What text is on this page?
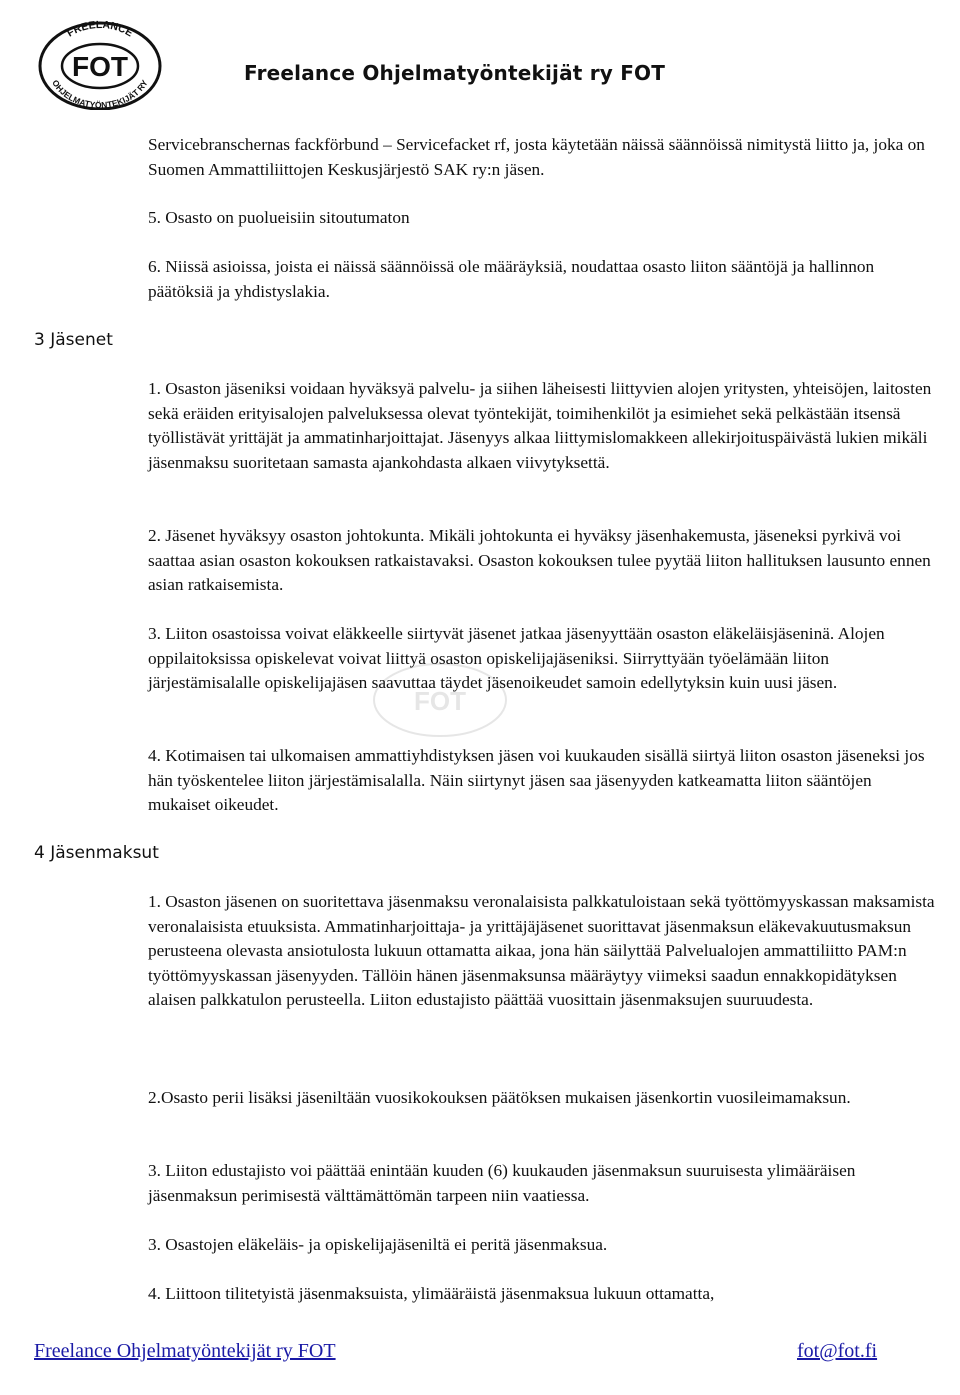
FREELANCE
OHJELMATYÖNTEKIJÄT RY
FOT	Freelance Ohjelmatyöntekijät ry FOT
FOT

Servicebranschernas fackförbund – Servicefacket rf, josta käytetään näissä säännöissä nimitystä liitto ja, joka on Suomen Ammattiliittojen Keskusjärjestö SAK ry:n jäsen.

5. Osasto on puolueisiin sitoutumaton

6. Niissä asioissa, joista ei näissä säännöissä ole määräyksiä, noudattaa osasto liiton sääntöjä ja hallinnon päätöksiä ja yhdistyslakia.

3 Jäsenet

1. Osaston jäseniksi voidaan hyväksyä palvelu- ja siihen läheisesti liittyvien alojen yritysten, yhteisöjen, laitosten sekä eräiden erityisalojen palveluksessa olevat työntekijät, toimihenkilöt ja esimiehet sekä pelkästään itsensä työllistävät yrittäjät ja ammatinharjoittajat. Jäsenyys alkaa liittymislomakkeen allekirjoituspäivästä lukien mikäli jäsenmaksu suoritetaan samasta ajankohdasta alkaen viivytyksettä.

2. Jäsenet hyväksyy osaston johtokunta. Mikäli johtokunta ei hyväksy jäsenhakemusta, jäseneksi pyrkivä voi saattaa asian osaston kokouksen ratkaistavaksi. Osaston kokouksen tulee pyytää liiton hallituksen lausunto ennen asian ratkaisemista.

3. Liiton osastoissa voivat eläkkeelle siirtyvät jäsenet jatkaa jäsenyyttään osaston eläkeläisjäseninä. Alojen oppilaitoksissa opiskelevat voivat liittyä osaston opiskelijajäseniksi. Siirryttyään työelämään liiton järjestämisalalle opiskelijajäsen saavuttaa täydet jäsenoikeudet samoin edellytyksin kuin uusi jäsen.

4. Kotimaisen tai ulkomaisen ammattiyhdistyksen jäsen voi kuukauden sisällä siirtyä liiton osaston jäseneksi jos hän työskentelee liiton järjestämisalalla. Näin siirtynyt jäsen saa jäsenyyden katkeamatta liiton sääntöjen mukaiset oikeudet.

4 Jäsenmaksut

1. Osaston jäsenen on suoritettava jäsenmaksu veronalaisista palkkatuloistaan sekä työttömyyskassan maksamista veronalaisista etuuksista. Ammatinharjoittaja- ja yrittäjäjäsenet suorittavat jäsenmaksun eläkevakuutusmaksun perusteena olevasta ansiotulosta lukuun ottamatta aikaa, jona hän säilyttää Palvelualojen ammattiliitto PAM:n työttömyyskassan jäsenyyden. Tällöin hänen jäsenmaksunsa määräytyy viimeksi saadun ennakkopidätyksen alaisen palkkatulon perusteella. Liiton edustajisto päättää vuosittain jäsenmaksujen suuruudesta.

2.Osasto perii lisäksi jäseniltään vuosikokouksen päätöksen mukaisen jäsenkortin vuosileimamaksun.

3. Liiton edustajisto voi päättää enintään kuuden (6) kuukauden jäsenmaksun suuruisesta ylimääräisen jäsenmaksun perimisestä välttämättömän tarpeen niin vaatiessa.

3. Osastojen eläkeläis- ja opiskelijajäseniltä ei peritä jäsenmaksua.

4. Liittoon tilitetyistä jäsenmaksuista, ylimääräistä jäsenmaksua lukuun ottamatta,

Freelance Ohjelmatyöntekijät ry FOT	fot@fot.fi
